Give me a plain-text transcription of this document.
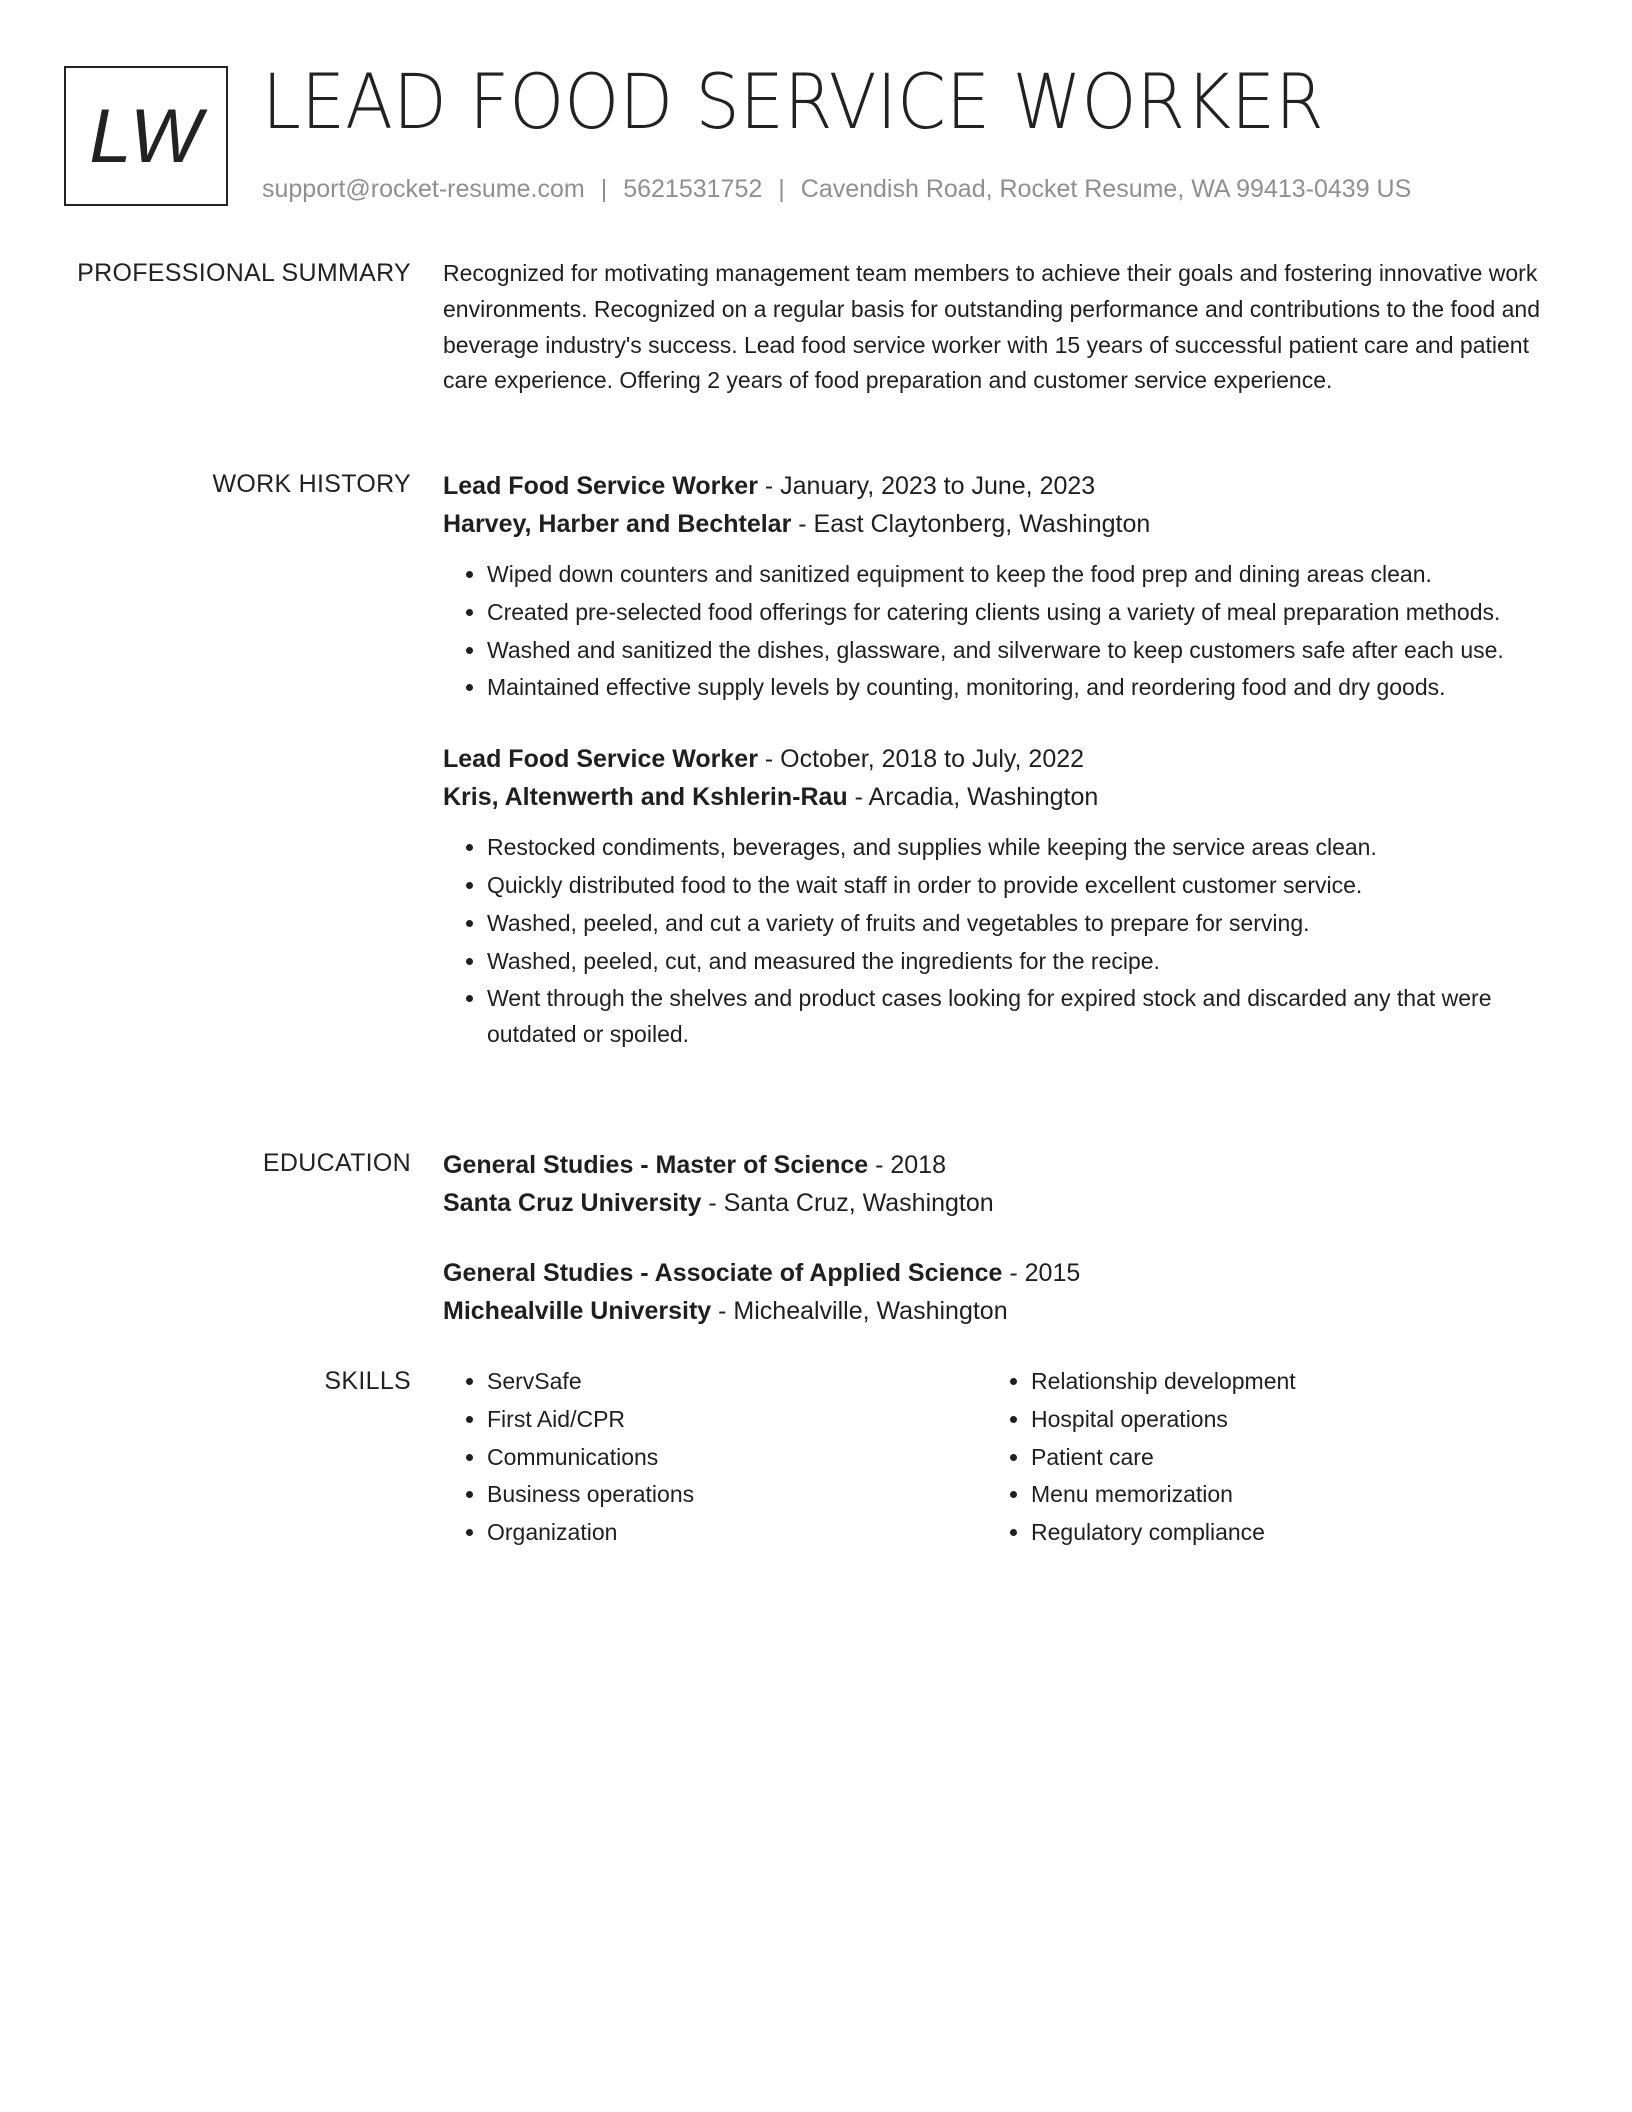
LW LEAD FOOD SERVICE WORKER
support@rocket-resume.com | 5621531752 | Cavendish Road, Rocket Resume, WA 99413-0439 US
PROFESSIONAL SUMMARY Recognized for motivating management team members to achieve their goals and fostering innovative work environments. Recognized on a regular basis for outstanding performance and contributions to the food and beverage industry's success. Lead food service worker with 15 years of successful patient care and patient care experience. Offering 2 years of food preparation and customer service experience.

WORK HISTORY Lead Food Service Worker - January, 2023 to June, 2023

Harvey, Harber and Bechtelar - East Claytonberg, Washington

• Wiped down counters and sanitized equipment to keep the food prep and dining areas clean.
• Created pre-selected food offerings for catering clients using a variety of meal preparation methods.
• Washed and sanitized the dishes, glassware, and silverware to keep customers safe after each use.
• Maintained effective supply levels by counting, monitoring, and reordering food and dry goods.

Lead Food Service Worker - October, 2018 to July, 2022

Kris, Altenwerth and Kshlerin-Rau - Arcadia, Washington

• Restocked condiments, beverages, and supplies while keeping the service areas clean.
• Quickly distributed food to the wait staff in order to provide excellent customer service.
• Washed, peeled, and cut a variety of fruits and vegetables to prepare for serving.
• Washed, peeled, cut, and measured the ingredients for the recipe.
• Went through the shelves and product cases looking for expired stock and discarded any that were outdated or spoiled.
EDUCATION General Studies - Master of Science - 2018

Santa Cruz University - Santa Cruz, Washington

General Studies - Associate of Applied Science - 2015

Michealville University - Michealville, Washington

SKILLS
•	ServSafe
• First Aid/CPR
• Communications
• Business operations
• Organization
• Relationship development
• Hospital operations
• Patient care
• Menu memorization
• Regulatory compliance
